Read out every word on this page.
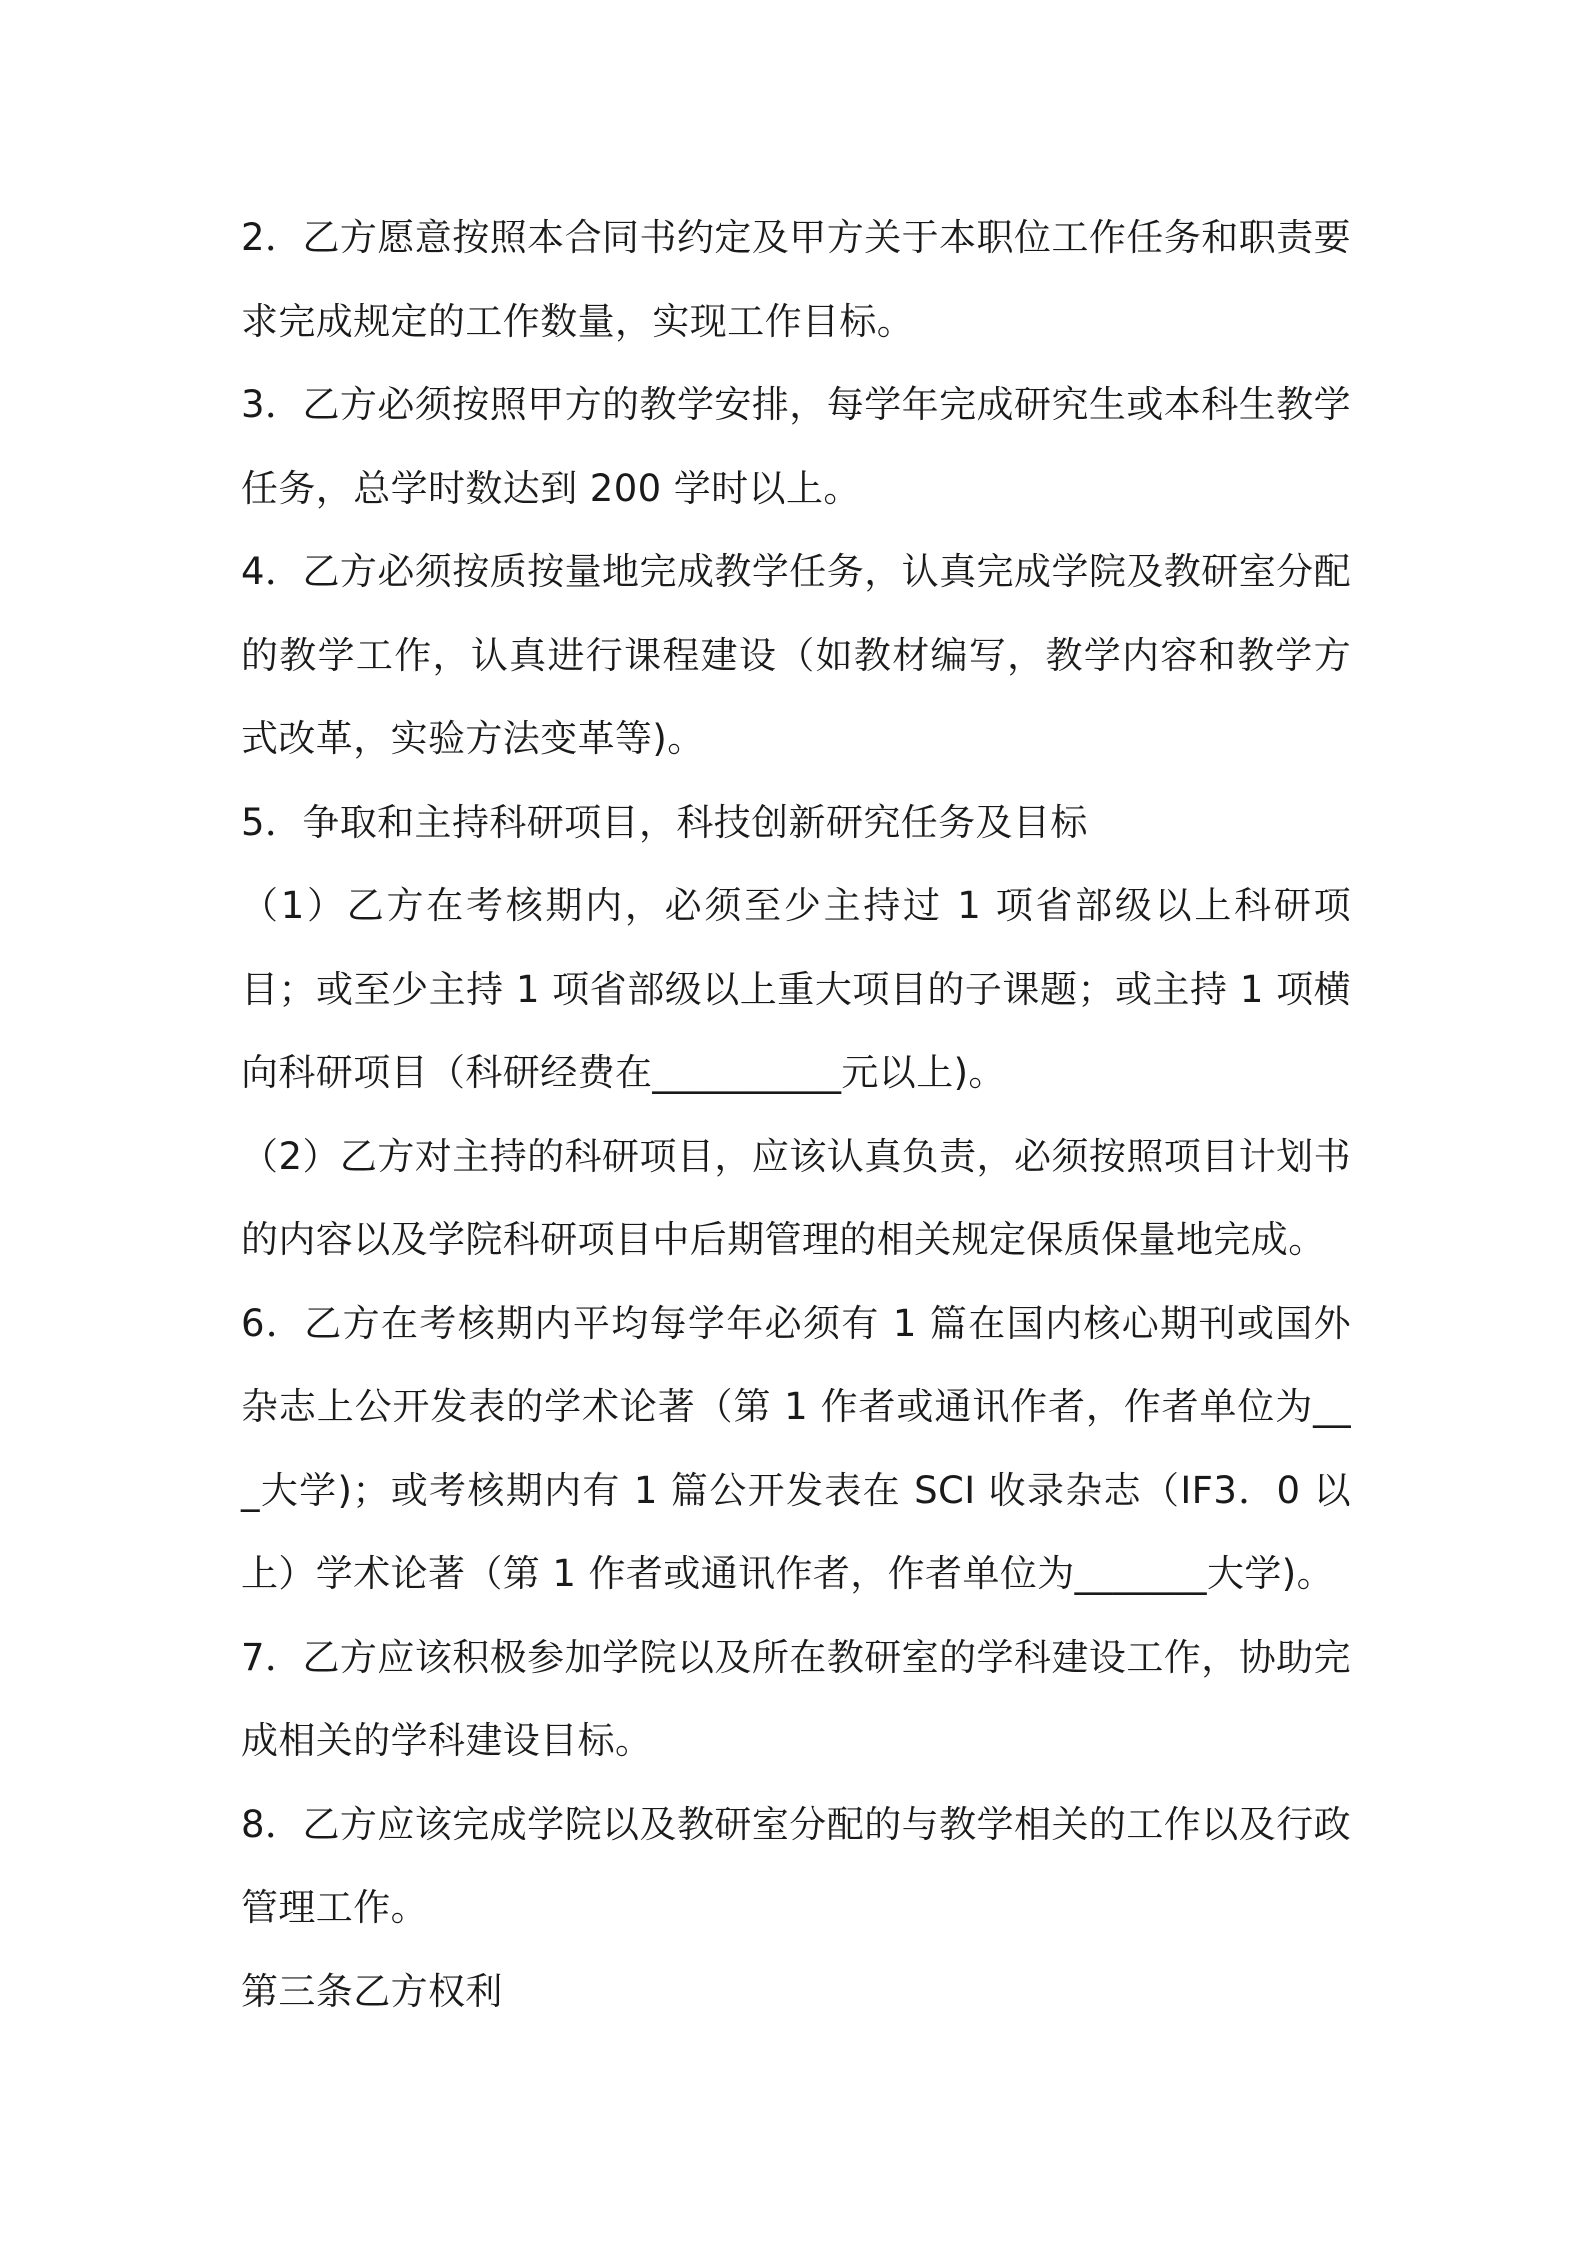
2．乙方愿意按照本合同书约定及甲方关于本职位工作任务和职责要求完成规定的工作数量，实现工作目标。

3．乙方必须按照甲方的教学安排，每学年完成研究生或本科生教学任务，总学时数达到 200 学时以上。

4．乙方必须按质按量地完成教学任务，认真完成学院及教研室分配的教学工作，认真进行课程建设（如教材编写，教学内容和教学方式改革，实验方法变革等)。

5．争取和主持科研项目，科技创新研究任务及目标

（1）乙方在考核期内，必须至少主持过 1 项省部级以上科研项目；或至少主持 1 项省部级以上重大项目的子课题；或主持 1 项横向科研项目（科研经费在__________元以上)。

（2）乙方对主持的科研项目，应该认真负责，必须按照项目计划书的内容以及学院科研项目中后期管理的相关规定保质保量地完成。

6．乙方在考核期内平均每学年必须有 1 篇在国内核心期刊或国外杂志上公开发表的学术论著（第 1 作者或通讯作者，作者单位为___大学)；或考核期内有 1 篇公开发表在 SCI 收录杂志（IF3．0 以上）学术论著（第 1 作者或通讯作者，作者单位为_______大学)。

7．乙方应该积极参加学院以及所在教研室的学科建设工作，协助完成相关的学科建设目标。

8．乙方应该完成学院以及教研室分配的与教学相关的工作以及行政管理工作。

第三条乙方权利
